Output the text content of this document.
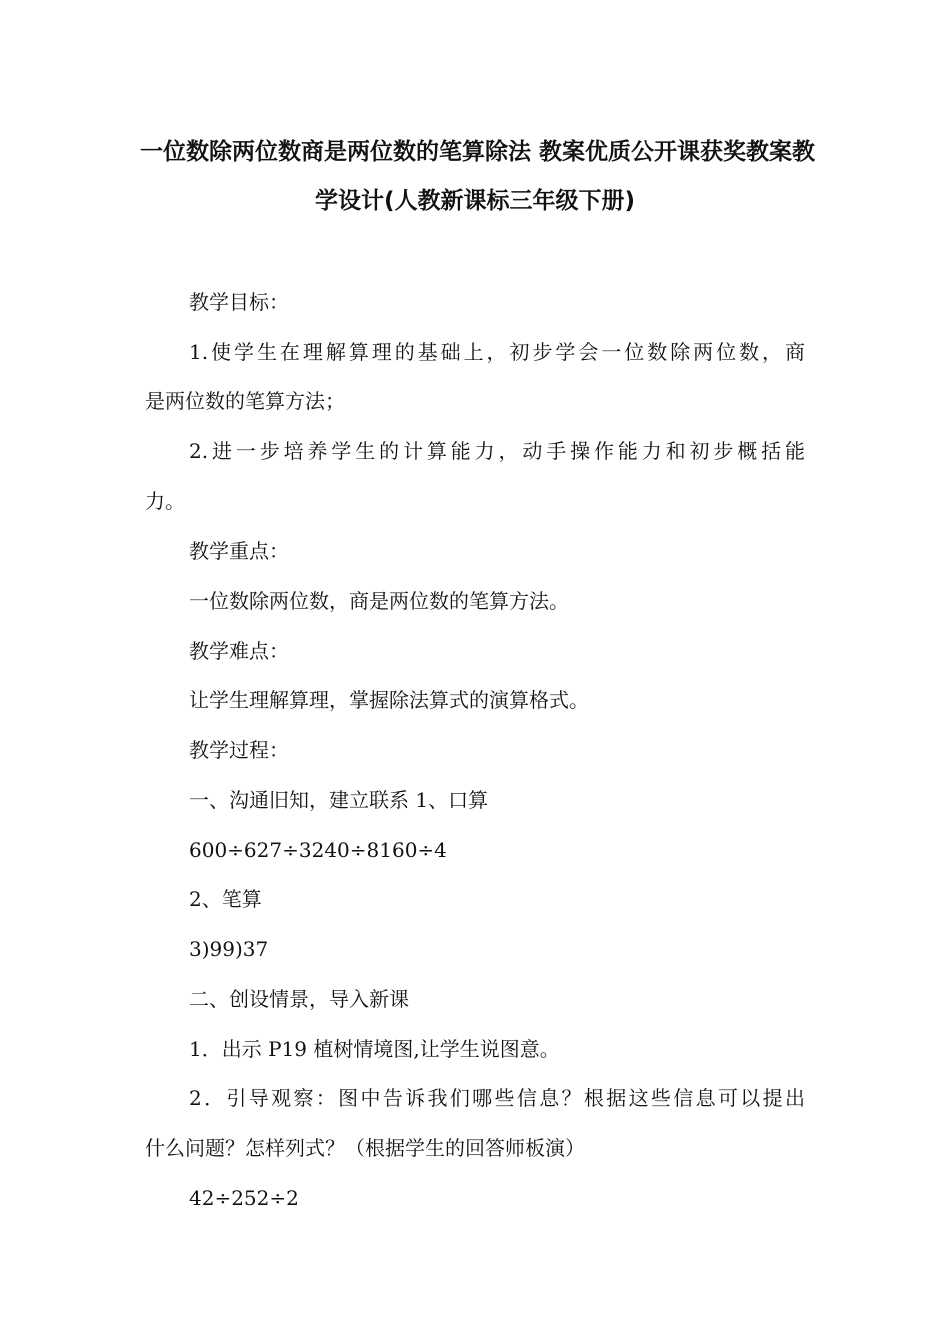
一位数除两位数商是两位数的笔算除法 教案优质公开课获奖教案教
学设计(人教新课标三年级下册)
教学目标：
1.使学生在理解算理的基础上，初步学会一位数除两位数，商
是两位数的笔算方法；
2.进一步培养学生的计算能力，动手操作能力和初步概括能
力。
教学重点：
一位数除两位数，商是两位数的笔算方法。
教学难点：
让学生理解算理，掌握除法算式的演算格式。
教学过程：
一、沟通旧知，建立联系 1、口算
600÷627÷3240÷8160÷4
2、笔算
3)99)37
二、创设情景，导入新课
1．出示 P19 植树情境图,让学生说图意。
2．引导观察：图中告诉我们哪些信息？根据这些信息可以提出
什么问题？怎样列式？（根据学生的回答师板演）
42÷252÷2
